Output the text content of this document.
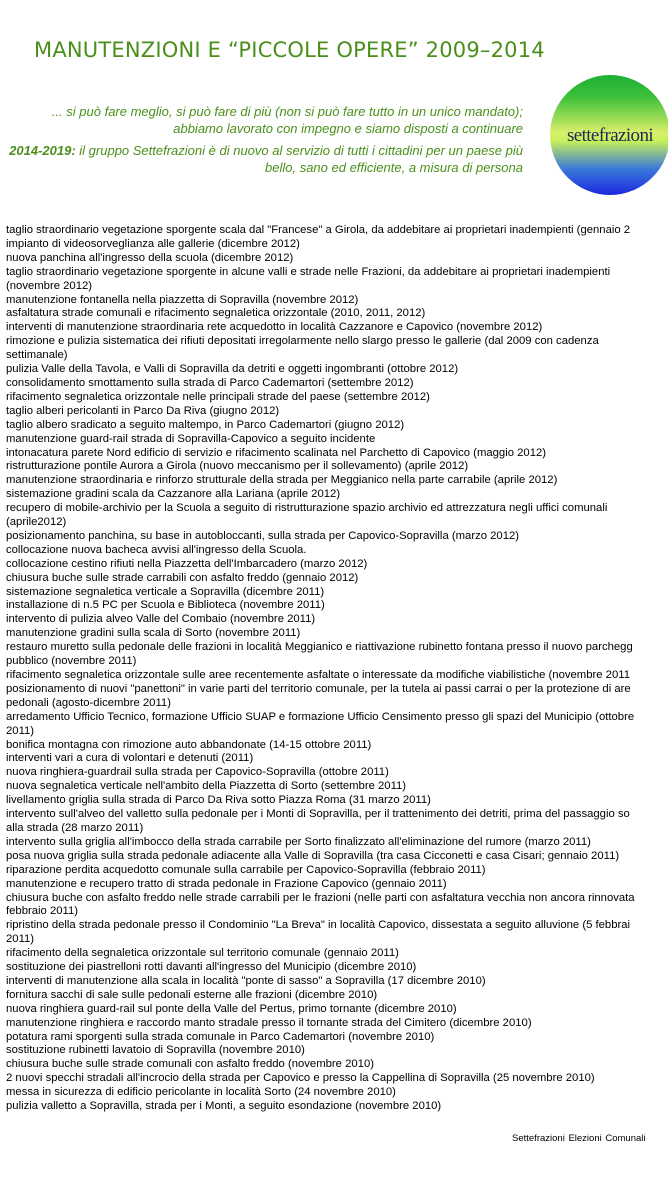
MANUTENZIONI E “PICCOLE OPERE” 2009–2014

... si può fare meglio, si può fare di più (non si può fare tutto in un unico mandato); abbiamo lavorato con impegno e siamo disposti a continuare

2014-2019: il gruppo Settefrazioni è di nuovo al servizio di tutti i cittadini per un paese più bello, sano ed efficiente, a misura di persona

settefrazioni
taglio straordinario vegetazione sporgente scala dal "Francese" a Girola, da addebitare ai proprietari inadempienti (gennaio 2
impianto di videosorveglianza alle gallerie (dicembre 2012)
nuova panchina all'ingresso della scuola (dicembre 2012)
taglio straordinario vegetazione sporgente in alcune valli e strade nelle Frazioni, da addebitare ai proprietari inadempienti
(novembre 2012)
manutenzione fontanella nella piazzetta di Sopravilla (novembre 2012)
asfaltatura strade comunali e rifacimento segnaletica orizzontale (2010, 2011, 2012)
interventi di manutenzione straordinaria rete acquedotto in località Cazzanore e Capovico (novembre 2012)
rimozione e pulizia sistematica dei rifiuti depositati irregolarmente nello slargo presso le gallerie (dal 2009 con cadenza
settimanale)
pulizia Valle della Tavola, e Valli di Sopravilla da detriti e oggetti ingombranti (ottobre 2012)
consolidamento smottamento sulla strada di Parco Cademartori (settembre 2012)
rifacimento segnaletica orizzontale nelle principali strade del paese (settembre 2012)
taglio alberi pericolanti in Parco Da Riva (giugno 2012)
taglio albero sradicato a seguito maltempo, in Parco Cademartori (giugno 2012)
manutenzione guard-rail strada di Sopravilla-Capovico a seguito incidente
intonacatura parete Nord edificio di servizio e rifacimento scalinata nel Parchetto di Capovico (maggio 2012)
ristrutturazione pontile Aurora a Girola (nuovo meccanismo per il sollevamento) (aprile 2012)
manutenzione straordinaria e rinforzo strutturale della strada per Meggianico nella parte carrabile (aprile 2012)
sistemazione gradini scala da Cazzanore alla Lariana (aprile 2012)
recupero di mobile-archivio per la Scuola a seguito di ristrutturazione spazio archivio ed attrezzatura negli uffici comunali
(aprile2012)
posizionamento panchina, su base in autobloccanti, sulla strada per Capovico-Sopravilla (marzo 2012)
collocazione nuova bacheca avvisi all'ingresso della Scuola.
collocazione cestino rifiuti nella Piazzetta dell'Imbarcadero (marzo 2012)
chiusura buche sulle strade carrabili con asfalto freddo (gennaio 2012)
sistemazione segnaletica verticale a Sopravilla (dicembre 2011)
installazione di n.5 PC per Scuola e Biblioteca (novembre 2011)
intervento di pulizia alveo Valle del Combaio (novembre 2011)
manutenzione gradini sulla scala di Sorto (novembre 2011)
restauro muretto sulla pedonale delle frazioni in località Meggianico e riattivazione rubinetto fontana presso il nuovo parchegg
pubblico (novembre 2011)
rifacimento segnaletica orizzontale sulle aree recentemente asfaltate o interessate da modifiche viabilistiche (novembre 2011
posizionamento di nuovi "panettoni" in varie parti del territorio comunale, per la tutela ai passi carrai o per la protezione di are
pedonali (agosto-dicembre 2011)
arredamento Ufficio Tecnico, formazione Ufficio SUAP e formazione Ufficio Censimento presso gli spazi del Municipio (ottobre
2011)
bonifica montagna con rimozione auto abbandonate (14-15 ottobre 2011)
interventi vari a cura di volontari e detenuti (2011)
nuova ringhiera-guardrail sulla strada per Capovico-Sopravilla (ottobre 2011)
nuova segnaletica verticale nell'ambito della Piazzetta di Sorto (settembre 2011)
livellamento griglia sulla strada di Parco Da Riva sotto Piazza Roma (31 marzo 2011)
intervento sull'alveo del valletto sulla pedonale per i Monti di Sopravilla, per il trattenimento dei detriti, prima del passaggio so
alla strada (28 marzo 2011)
intervento sulla griglia all'imbocco della strada carrabile per Sorto finalizzato all'eliminazione del rumore (marzo 2011)
posa nuova griglia sulla strada pedonale adiacente alla Valle di Sopravilla (tra casa Cicconetti e casa Cisari; gennaio 2011)
riparazione perdita acquedotto comunale sulla carrabile per Capovico-Sopravilla (febbraio 2011)
manutenzione e recupero tratto di strada pedonale in Frazione Capovico (gennaio 2011)
chiusura buche con asfalto freddo nelle strade carrabili per le frazioni (nelle parti con asfaltatura vecchia non ancora rinnovata
febbraio 2011)
ripristino della strada pedonale presso il Condominio "La Breva" in località Capovico, dissestata a seguito alluvione (5 febbrai
2011)
rifacimento della segnaletica orizzontale sul territorio comunale (gennaio 2011)
sostituzione dei piastrelloni rotti davanti all'ingresso del Municipio (dicembre 2010)
interventi di manutenzione alla scala in località "ponte di sasso" a Sopravilla (17 dicembre 2010)
fornitura sacchi di sale sulle pedonali esterne alle frazioni (dicembre 2010)
nuova ringhiera guard-rail sul ponte della Valle del Pertus, primo tornante (dicembre 2010)
manutenzione ringhiera e raccordo manto stradale presso il tornante strada del Cimitero (dicembre 2010)
potatura rami sporgenti sulla strada comunale in Parco Cademartori (novembre 2010)
sostituzione rubinetti lavatoio di Sopravilla (novembre 2010)
chiusura buche sulle strade comunali con asfalto freddo (novembre 2010)
2 nuovi specchi stradali all'incrocio della strada per Capovico e presso la Cappellina di Sopravilla (25 novembre 2010)
messa in sicurezza di edificio pericolante in località Sorto (24 novembre 2010)
pulizia valletto a Sopravilla, strada per i Monti, a seguito esondazione (novembre 2010)
Settefrazioni Elezioni Comunali
